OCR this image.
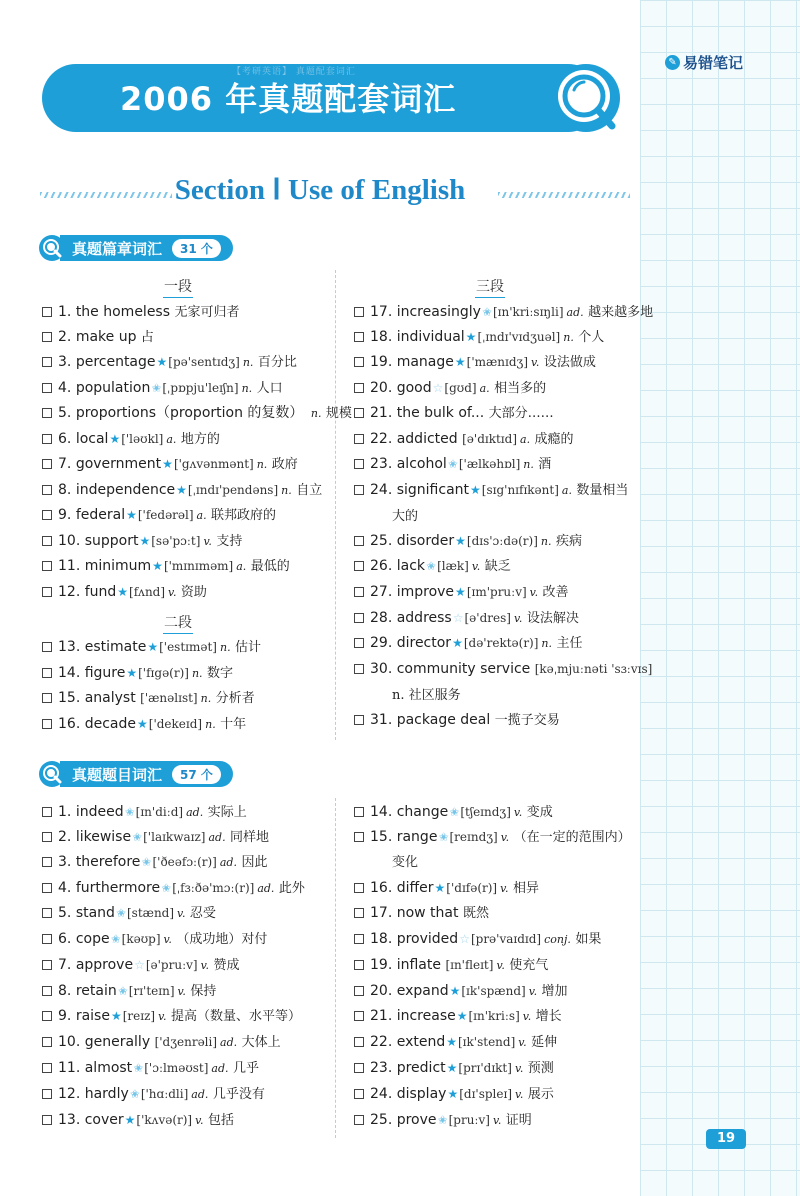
✎ 易错笔记
【考研英语】 真题配套词汇
2006 年真题配套词汇
Section Ⅰ Use of English
真题篇章词汇	31 个
一段
二段
三段
1. the homeless 无家可归者
2. make up 占
3. percentage★[pə'sentɪdʒ] n. 百分比
4. population✬[ˌpɒpju'leɪʃn] n. 人口
5. proportions（proportion 的复数） n. 规模
6. local★['ləʊkl] a. 地方的
7. government★['gʌvənmənt] n. 政府
8. independence★[ˌɪndɪ'pendəns] n. 自立
9. federal★['fedərəl] a. 联邦政府的
10. support★[sə'pɔːt] v. 支持
11. minimum★['mɪnɪməm] a. 最低的
12. fund★[fʌnd] v. 资助
13. estimate★['estɪmət] n. 估计
14. figure★['fɪgə(r)] n. 数字
15. analyst ['ænəlɪst] n. 分析者
16. decade★['dekeɪd] n. 十年
17. increasingly✬[ɪn'kriːsɪŋli] ad. 越来越多地
18. individual★[ˌɪndɪ'vɪdʒuəl] n. 个人
19. manage★['mænɪdʒ] v. 设法做成
20. good☆[gʊd] a. 相当多的
21. the bulk of... 大部分……
22. addicted [ə'dɪktɪd] a. 成瘾的
23. alcohol✬['ælkəhɒl] n. 酒
24. significant★[sɪg'nɪfɪkənt] a. 数量相当
25. disorder★[dɪs'ɔːdə(r)] n. 疾病
26. lack✬[læk] v. 缺乏
27. improve★[ɪm'pruːv] v. 改善
28. address☆[ə'dres] v. 设法解决
29. director★[də'rektə(r)] n. 主任
30. community service [kəˌmjuːnəti 'sɜːvɪs]
31. package deal 一揽子交易
大的
n. 社区服务
真题题目词汇	57 个
1. indeed✬[ɪn'diːd] ad. 实际上
2. likewise✬['laɪkwaɪz] ad. 同样地
3. therefore✬['ðeəfɔː(r)] ad. 因此
4. furthermore✬[ˌfɜːðə'mɔː(r)] ad. 此外
5. stand✬[stænd] v. 忍受
6. cope✬[kəʊp] v. （成功地）对付
7. approve☆[ə'pruːv] v. 赞成
8. retain✬[rɪ'teɪn] v. 保持
9. raise★[reɪz] v. 提高（数量、水平等）
10. generally ['dʒenrəli] ad. 大体上
11. almost✬['ɔːlməʊst] ad. 几乎
12. hardly✬['hɑːdli] ad. 几乎没有
13. cover★['kʌvə(r)] v. 包括
14. change✬[tʃeɪndʒ] v. 变成
15. range✬[reɪndʒ] v. （在一定的范围内）
16. differ★['dɪfə(r)] v. 相异
17. now that 既然
18. provided☆[prə'vaɪdɪd] conj. 如果
19. inflate [ɪn'fleɪt] v. 使充气
20. expand★[ɪk'spænd] v. 增加
21. increase★[ɪn'kriːs] v. 增长
22. extend★[ɪk'stend] v. 延伸
23. predict★[prɪ'dɪkt] v. 预测
24. display★[dɪ'spleɪ] v. 展示
25. prove✬[pruːv] v. 证明
变化
19
